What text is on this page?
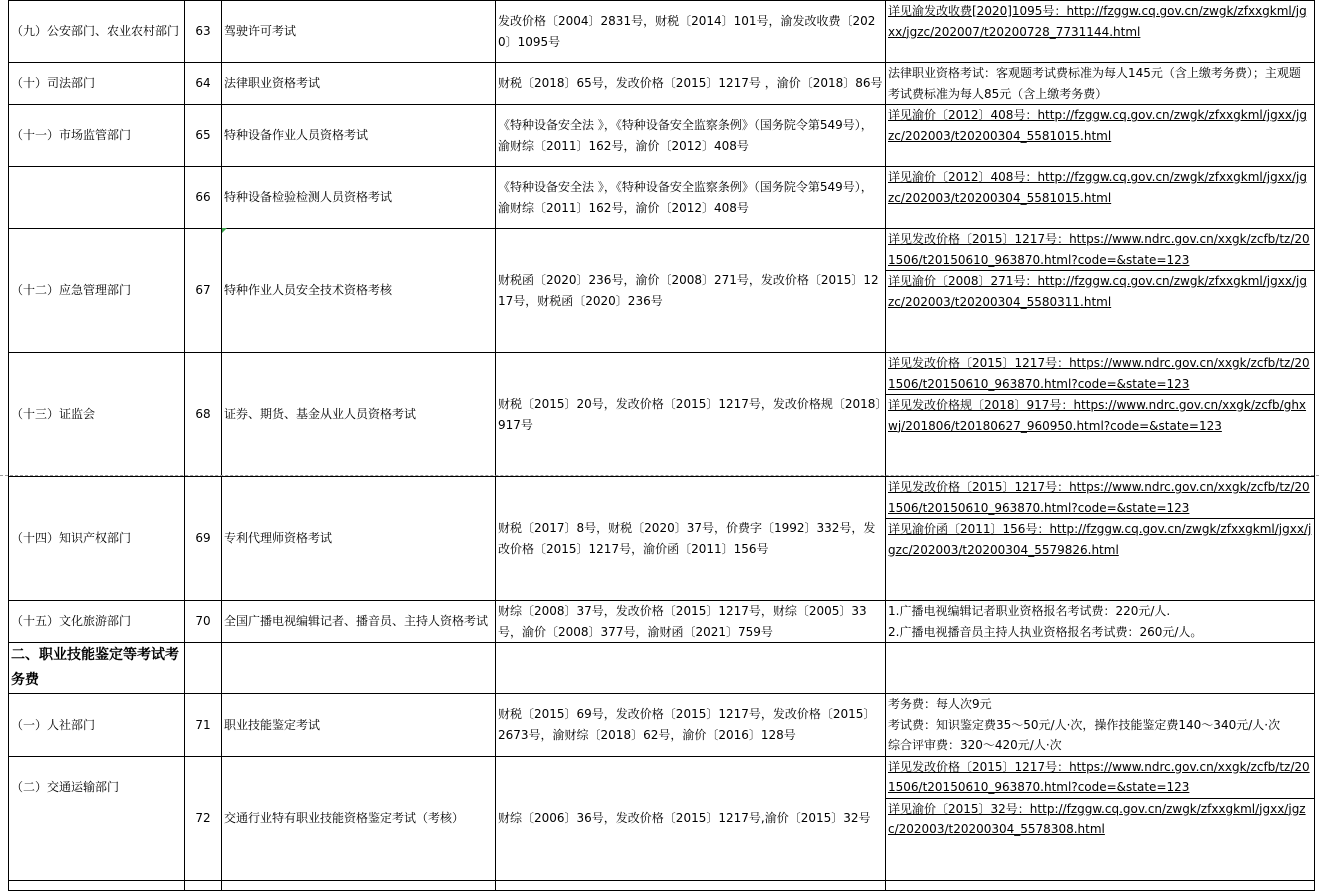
（九）公安部门、农业农村部门	63	驾驶许可考试	发改价格〔2004〕2831号，财税〔2014〕101号，渝发改收费〔2020〕1095号	详见渝发改收费[2020]1095号：http://fzggw.cq.gov.cn/zwgk/zfxxgkml/jgxx/jgzc/202007/t20200728_7731144.html
（十）司法部门	64	法律职业资格考试	财税〔2018〕65号，发改价格〔2015〕1217号 ，渝价〔2018〕86号	法律职业资格考试：客观题考试费标准为每人145元（含上缴考务费）；主观题考试费标准为每人85元（含上缴考务费）
（十一）市场监管部门	65	特种设备作业人员资格考试	《特种设备安全法 》，《特种设备安全监察条例》（国务院令第549号），渝财综〔2011〕162号，渝价〔2012〕408号	详见渝价〔2012〕408号：http://fzggw.cq.gov.cn/zwgk/zfxxgkml/jgxx/jgzc/202003/t20200304_5581015.html
	66	特种设备检验检测人员资格考试	《特种设备安全法 》，《特种设备安全监察条例》（国务院令第549号），渝财综〔2011〕162号，渝价〔2012〕408号	详见渝价〔2012〕408号：http://fzggw.cq.gov.cn/zwgk/zfxxgkml/jgxx/jgzc/202003/t20200304_5581015.html
（十二）应急管理部门	67	特种作业人员安全技术资格考核	财税函〔2020〕236号，渝价〔2008〕271号，发改价格〔2015〕1217号，财税函〔2020〕236号	详见发改价格〔2015〕1217号：https://www.ndrc.gov.cn/xxgk/zcfb/tz/201506/t20150610_963870.html?code=&state=123
详见渝价〔2008〕271号：http://fzggw.cq.gov.cn/zwgk/zfxxgkml/jgxx/jgzc/202003/t20200304_5580311.html

（十三）证监会	68	证券、期货、基金从业人员资格考试	财税〔2015〕20号，发改价格〔2015〕1217号，发改价格规〔2018〕917号	详见发改价格〔2015〕1217号：https://www.ndrc.gov.cn/xxgk/zcfb/tz/201506/t20150610_963870.html?code=&state=123
详见发改价格规〔2018〕917号：https://www.ndrc.gov.cn/xxgk/zcfb/ghxwj/201806/t20180627_960950.html?code=&state=123

（十四）知识产权部门	69	专利代理师资格考试	财税〔2017〕8号，财税〔2020〕37号，价费字〔1992〕332号，发改价格〔2015〕1217号，渝价函〔2011〕156号	详见发改价格〔2015〕1217号：https://www.ndrc.gov.cn/xxgk/zcfb/tz/201506/t20150610_963870.html?code=&state=123
详见渝价函〔2011〕156号：http://fzggw.cq.gov.cn/zwgk/zfxxgkml/jgxx/jgzc/202003/t20200304_5579826.html

（十五）文化旅游部门	70	全国广播电视编辑记者、播音员、主持人资格考试	财综〔2008〕37号，发改价格〔2015〕1217号，财综〔2005〕33号，渝价〔2008〕377号，渝财函〔2021〕759号	1.广播电视编辑记者职业资格报名考试费：220元/人.
2.广播电视播音员主持人执业资格报名考试费：260元/人。
二、职业技能鉴定等考试考务费				
（一）人社部门	71	职业技能鉴定考试	财税〔2015〕69号，发改价格〔2015〕1217号，发改价格〔2015〕2673号，渝财综〔2018〕62号，渝价〔2016〕128号	考务费：每人次9元
考试费：知识鉴定费35～50元/人·次，操作技能鉴定费140～340元/人·次
综合评审费：320～420元/人·次
（二）交通运输部门	72	交通行业特有职业技能资格鉴定考试（考核）	财综〔2006〕36号，发改价格〔2015〕1217号,渝价〔2015〕32号	详见发改价格〔2015〕1217号：https://www.ndrc.gov.cn/xxgk/zcfb/tz/201506/t20150610_963870.html?code=&state=123
详见渝价〔2015〕32号：http://fzggw.cq.gov.cn/zwgk/zfxxgkml/jgxx/jgzc/202003/t20200304_5578308.html
